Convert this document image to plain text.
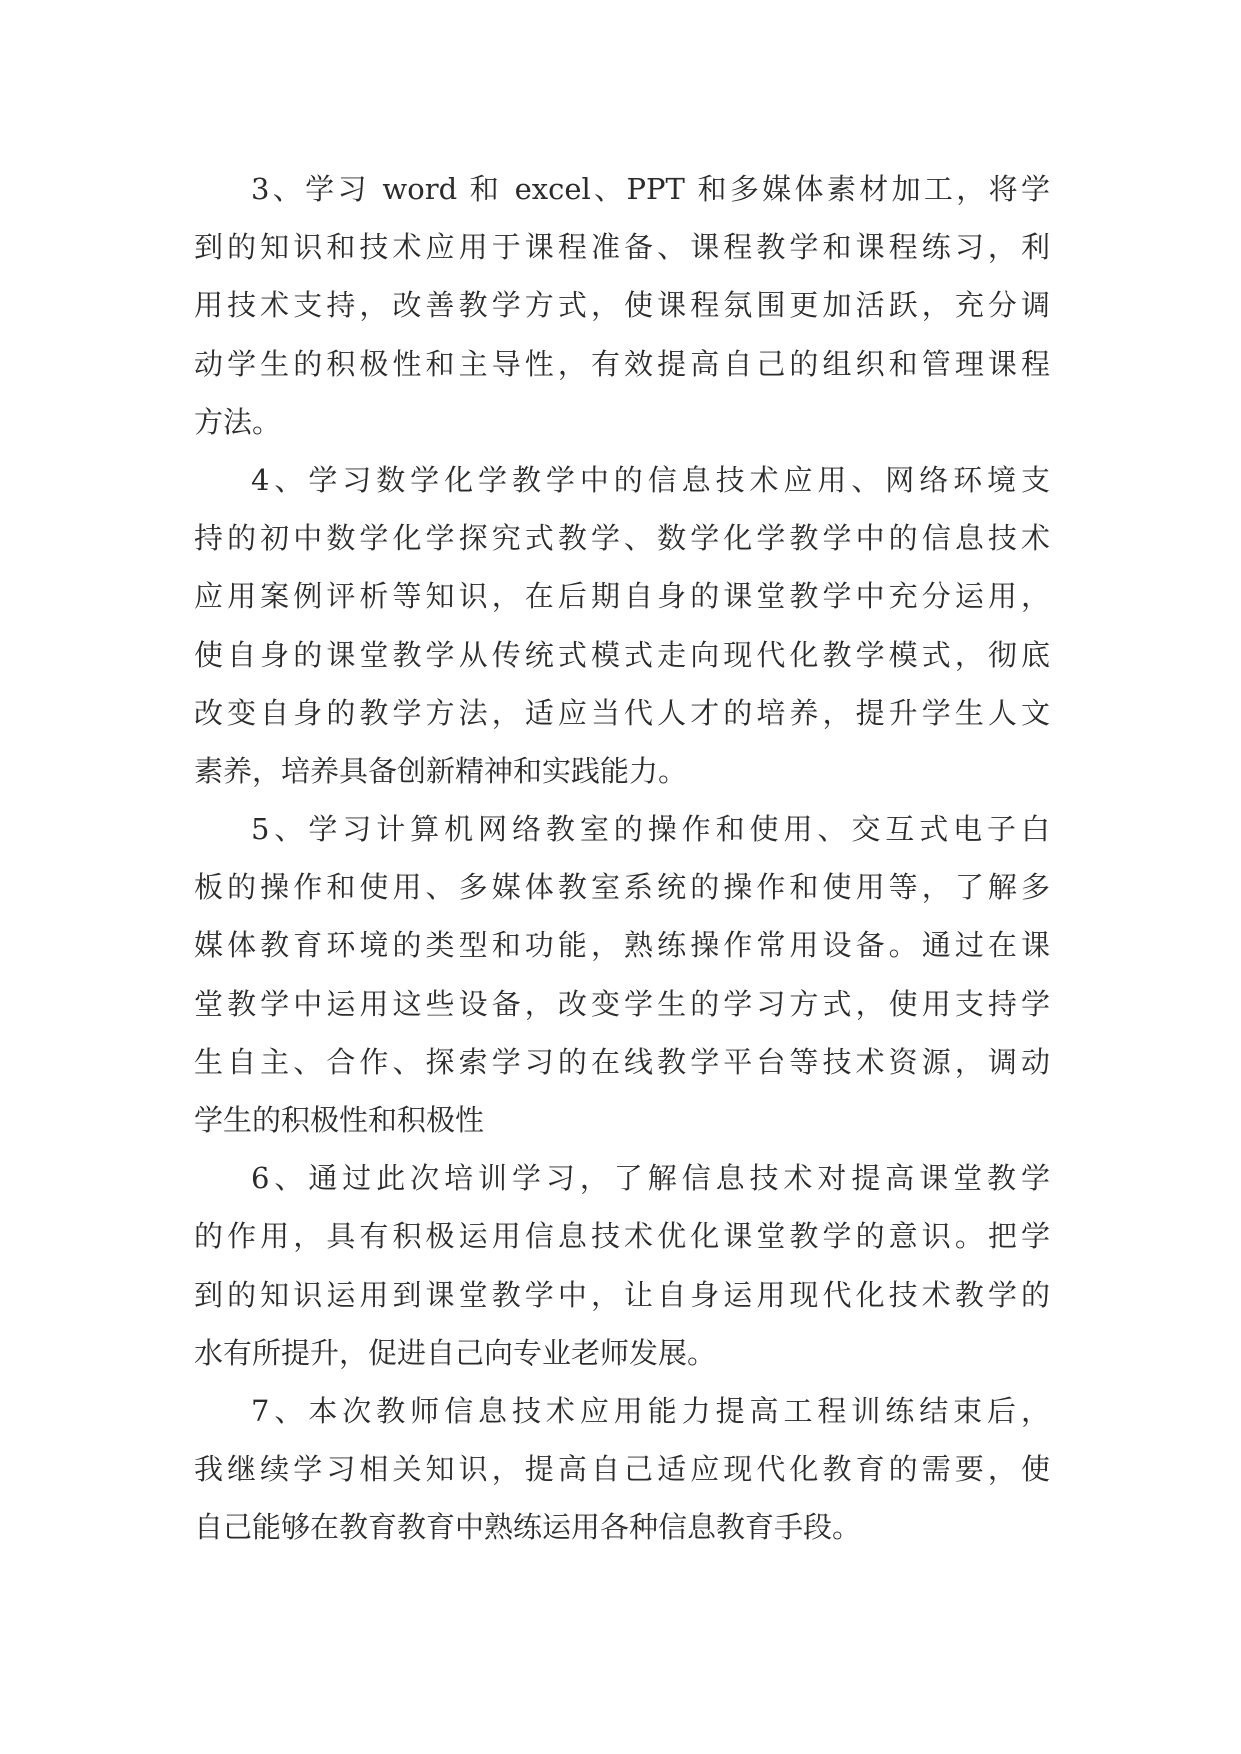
3、学习 word 和 excel、PPT 和多媒体素材加工，将学
到的知识和技术应用于课程准备、课程教学和课程练习，利
用技术支持，改善教学方式，使课程氛围更加活跃，充分调
动学生的积极性和主导性，有效提高自己的组织和管理课程
方法。
4、学习数学化学教学中的信息技术应用、网络环境支
持的初中数学化学探究式教学、数学化学教学中的信息技术
应用案例评析等知识，在后期自身的课堂教学中充分运用，
使自身的课堂教学从传统式模式走向现代化教学模式，彻底
改变自身的教学方法，适应当代人才的培养，提升学生人文
素养，培养具备创新精神和实践能力。
5、学习计算机网络教室的操作和使用、交互式电子白
板的操作和使用、多媒体教室系统的操作和使用等，了解多
媒体教育环境的类型和功能，熟练操作常用设备。通过在课
堂教学中运用这些设备，改变学生的学习方式，使用支持学
生自主、合作、探索学习的在线教学平台等技术资源，调动
学生的积极性和积极性
6、通过此次培训学习，了解信息技术对提高课堂教学
的作用，具有积极运用信息技术优化课堂教学的意识。把学
到的知识运用到课堂教学中，让自身运用现代化技术教学的
水有所提升，促进自己向专业老师发展。
7、本次教师信息技术应用能力提高工程训练结束后，
我继续学习相关知识，提高自己适应现代化教育的需要，使
自己能够在教育教育中熟练运用各种信息教育手段。
